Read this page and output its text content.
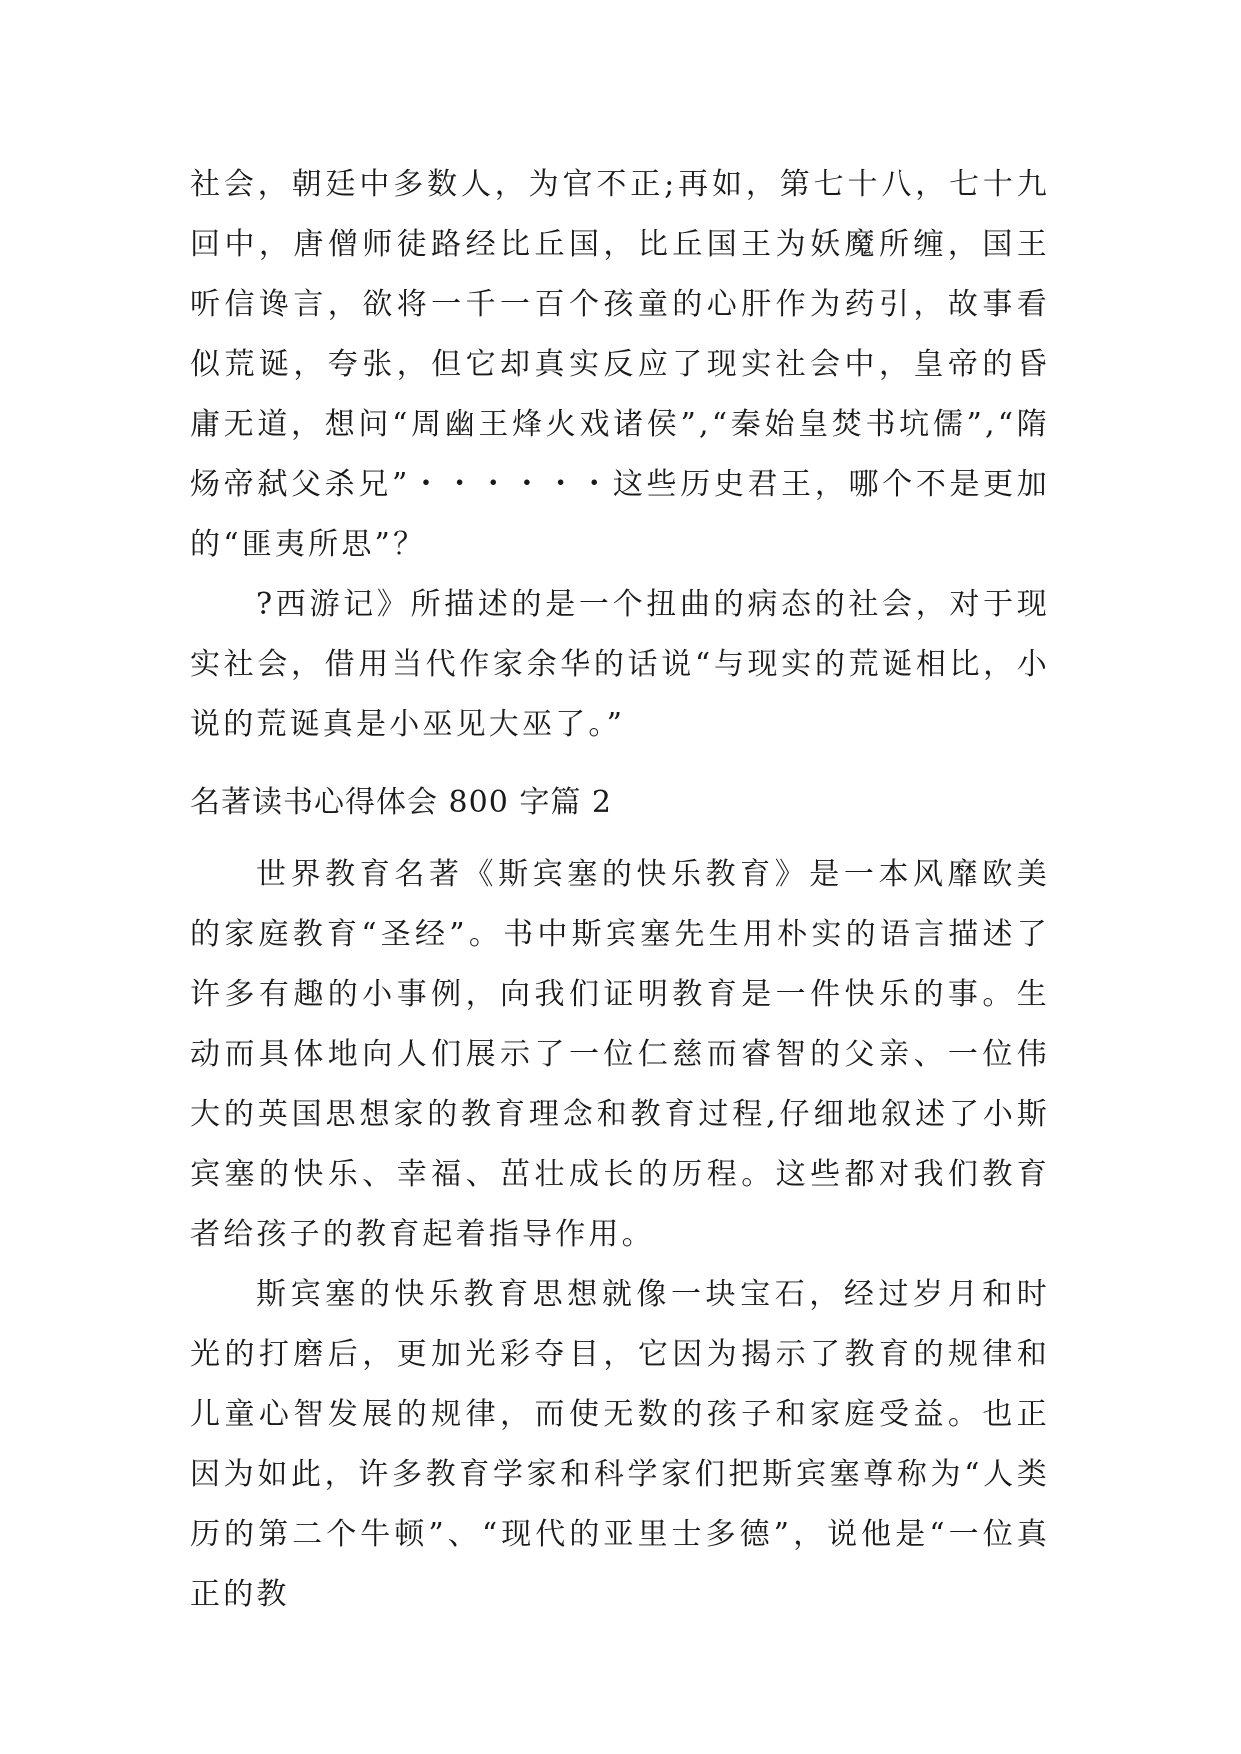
社会，朝廷中多数人，为官不正;再如，第七十八，七十九回中，唐僧师徒路经比丘国，比丘国王为妖魔所缠，国王听信谗言，欲将一千一百个孩童的心肝作为药引，故事看似荒诞，夸张，但它却真实反应了现实社会中，皇帝的昏庸无道，想问“周幽王烽火戏诸侯”,“秦始皇焚书坑儒”,“隋炀帝弑父杀兄”・・・・・・这些历史君王，哪个不是更加的“匪夷所思”？

?西游记》所描述的是一个扭曲的病态的社会，对于现实社会，借用当代作家余华的话说“与现实的荒诞相比，小说的荒诞真是小巫见大巫了。”

名著读书心得体会 800 字篇 2

世界教育名著《斯宾塞的快乐教育》是一本风靡欧美的家庭教育“圣经”。书中斯宾塞先生用朴实的语言描述了许多有趣的小事例，向我们证明教育是一件快乐的事。生动而具体地向人们展示了一位仁慈而睿智的父亲、一位伟大的英国思想家的教育理念和教育过程,仔细地叙述了小斯宾塞的快乐、幸福、茁壮成长的历程。这些都对我们教育者给孩子的教育起着指导作用。

斯宾塞的快乐教育思想就像一块宝石，经过岁月和时光的打磨后，更加光彩夺目，它因为揭示了教育的规律和儿童心智发展的规律，而使无数的孩子和家庭受益。也正因为如此，许多教育学家和科学家们把斯宾塞尊称为“人类历的第二个牛顿”、“现代的亚里士多德”，说他是“一位真正的教
